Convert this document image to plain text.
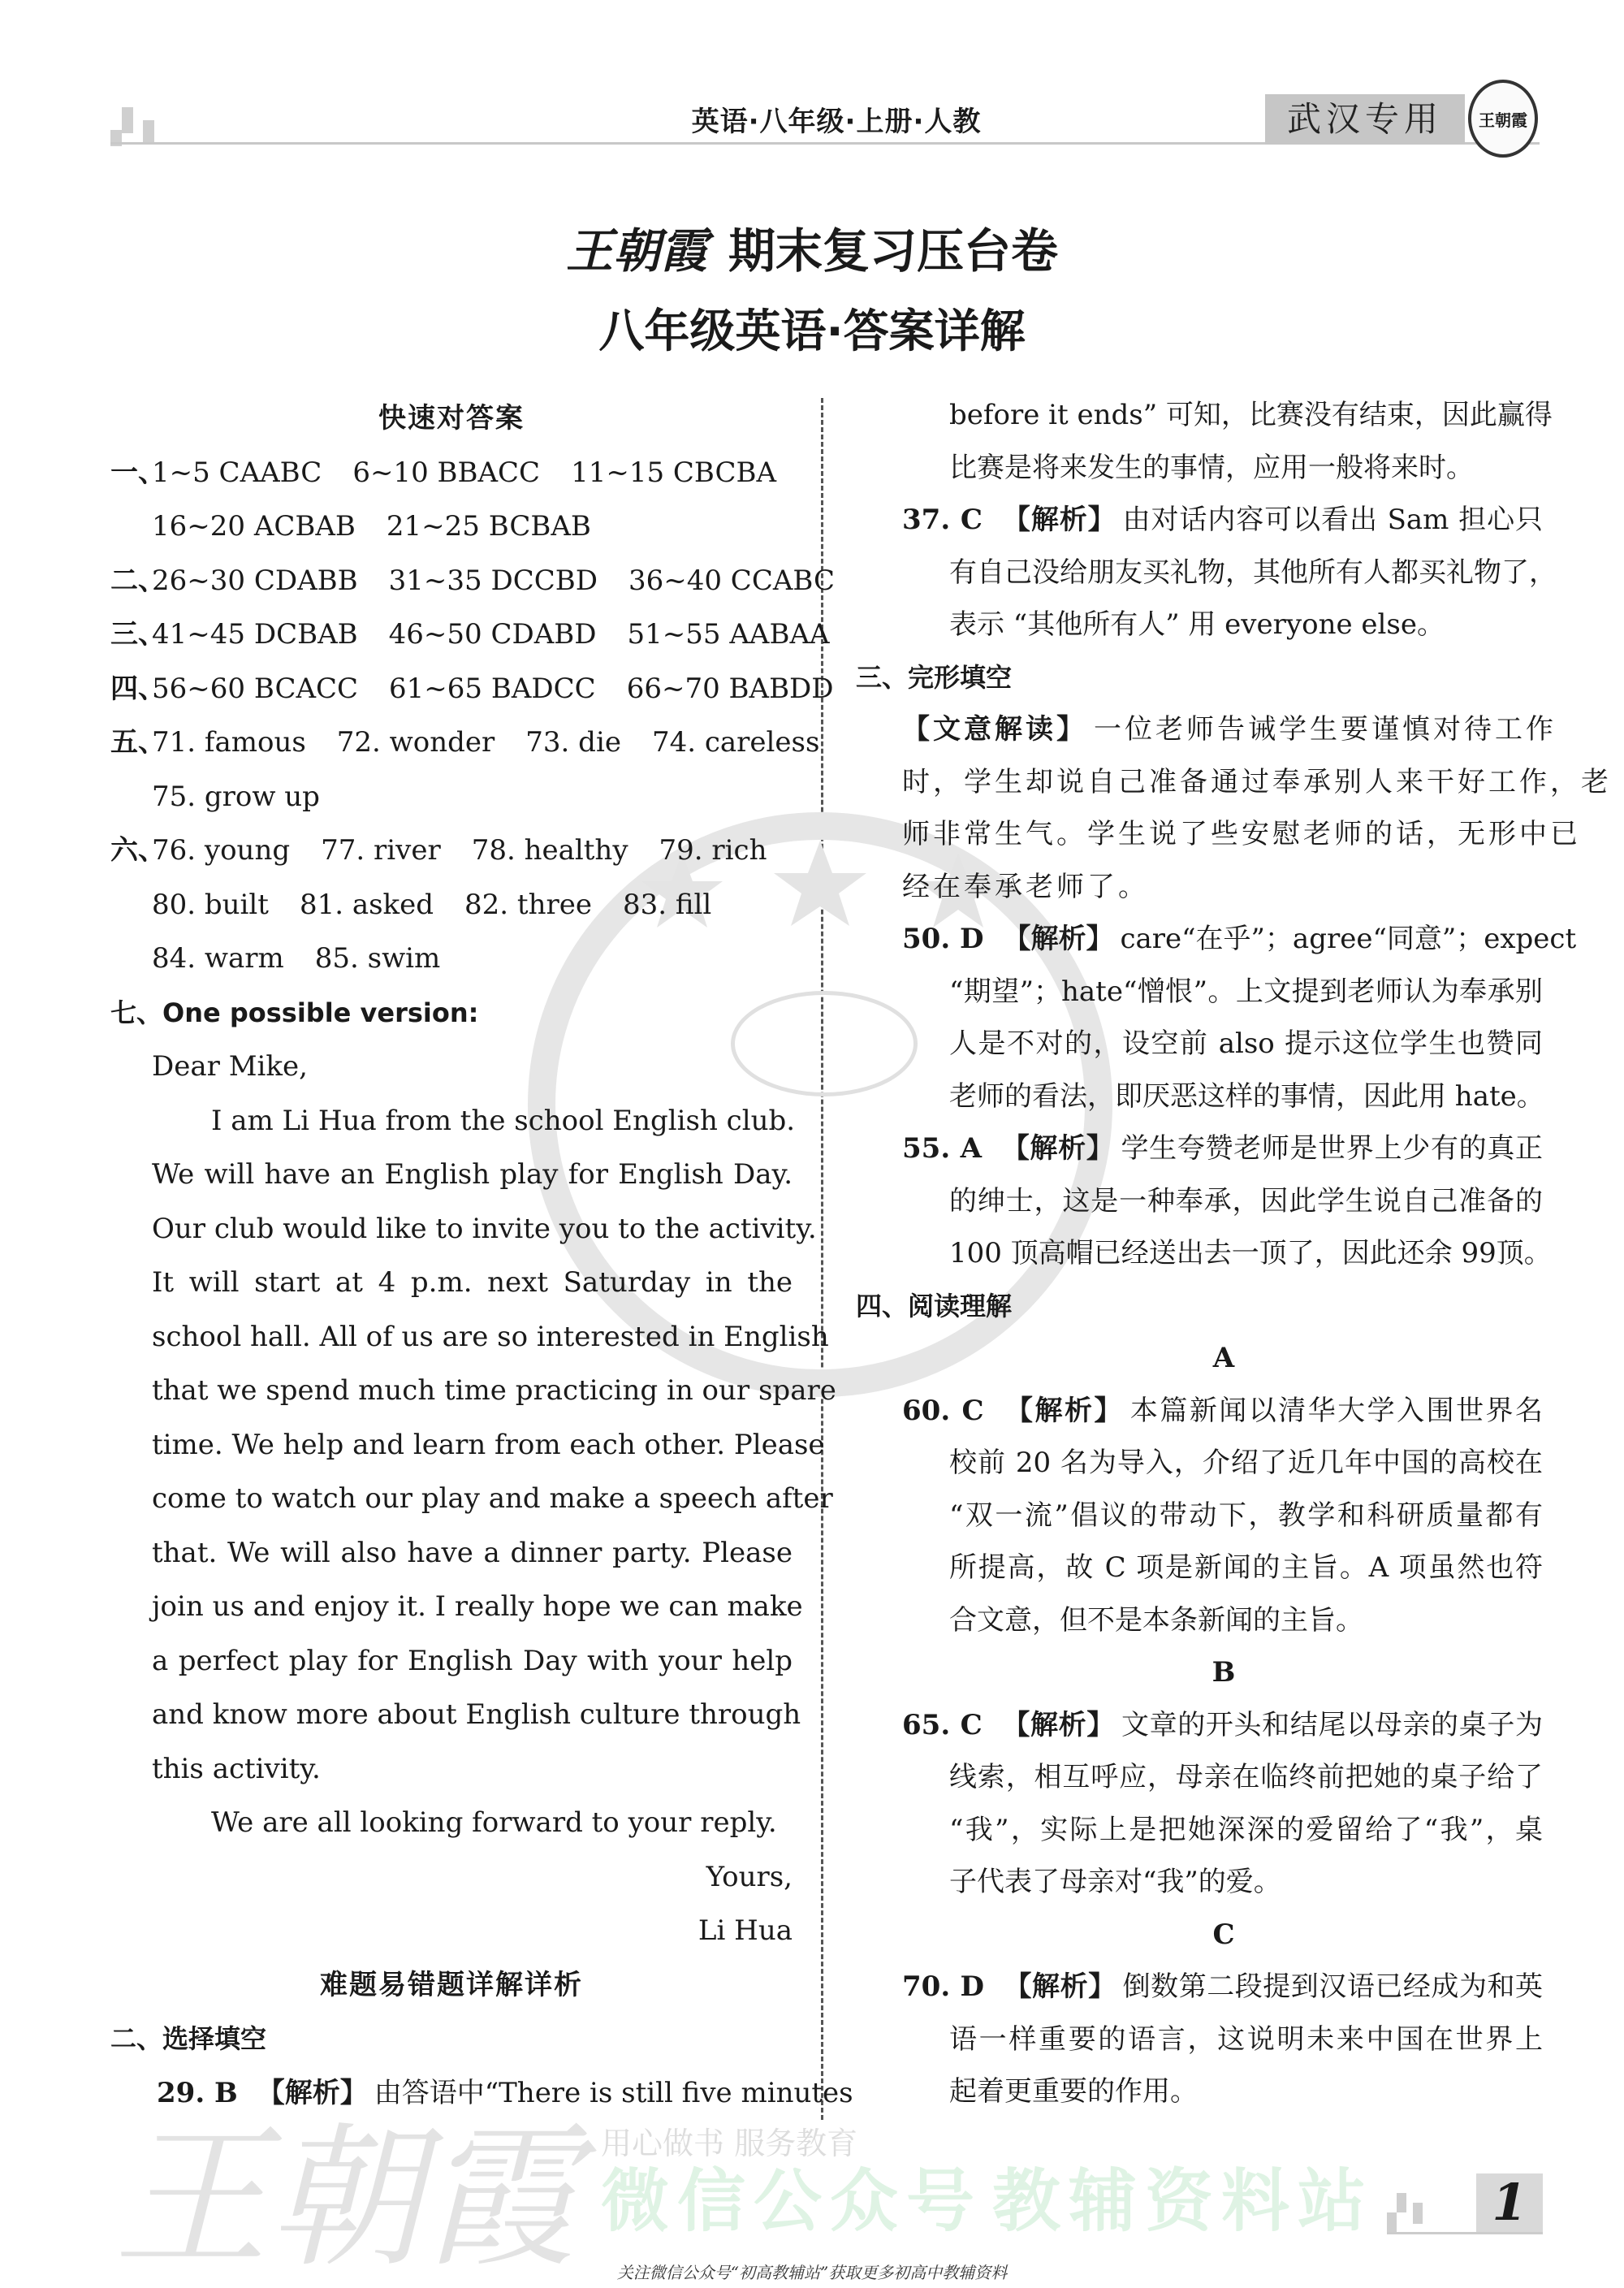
英语·八年级·上册·人教	武汉专用	王朝霞
王朝霞 期末复习压台卷
八年级英语·答案详解
王朝霞 用心做书 服务教育
微信公众号 教辅资料站
快速对答案
一、
1~5 CAABC 6~10 BBACC 11~15 CBCBA
16~20 ACBAB 21~25 BCBAB
二、
26~30 CDABB 31~35 DCCBD 36~40 CCABC
三、
41~45 DCBAB 46~50 CDABD 51~55 AABAA
四、
56~60 BCACC 61~65 BADCC 66~70 BABDD
五、
71. famous 72. wonder 73. die 74. careless
75. grow up
六、
76. young 77. river 78. healthy 79. rich
80. built 81. asked 82. three 83. fill
84. warm 85. swim
七、One possible version:
Dear Mike,
I am Li Hua from the school English club.
We will have an English play for English Day.
Our club would like to invite you to the activity.
It will start at 4 p.m. next Saturday in the
school hall. All of us are so interested in English
that we spend much time practicing in our spare
time. We help and learn from each other. Please
come to watch our play and make a speech after
that. We will also have a dinner party. Please
join us and enjoy it. I really hope we can make
a perfect play for English Day with your help
and know more about English culture through
this activity.
We are all looking forward to your reply.
Yours,
Li Hua
难题易错题详解详析
二、选择填空
29. B 【解析】 由答语中“There is still five minutes
before it ends” 可知，比赛没有结束，因此赢得
比赛是将来发生的事情，应用一般将来时。
37. C 【解析】 由对话内容可以看出 Sam 担心只
有自己没给朋友买礼物，其他所有人都买礼物了，
表示 “其他所有人” 用 everyone else。
三、完形填空
【文意解读】 一位老师告诫学生要谨慎对待工作
时，学生却说自己准备通过奉承别人来干好工作，老
师非常生气。学生说了些安慰老师的话，无形中已
经在奉承老师了。
50. D 【解析】 care“在乎”；agree“同意”；expect
“期望”；hate“憎恨”。上文提到老师认为奉承别
人是不对的，设空前 also 提示这位学生也赞同
老师的看法，即厌恶这样的事情，因此用 hate。
55. A 【解析】 学生夸赞老师是世界上少有的真正
的绅士，这是一种奉承，因此学生说自己准备的
100 顶高帽已经送出去一顶了，因此还余 99顶。
四、阅读理解
A
60. C 【解析】 本篇新闻以清华大学入围世界名
校前 20 名为导入，介绍了近几年中国的高校在
“双一流”倡议的带动下，教学和科研质量都有
所提高，故 C 项是新闻的主旨。A 项虽然也符
合文意，但不是本条新闻的主旨。
B
65. C 【解析】 文章的开头和结尾以母亲的桌子为
线索，相互呼应，母亲在临终前把她的桌子给了
“我”，实际上是把她深深的爱留给了“我”，桌
子代表了母亲对“我”的爱。
C
70. D 【解析】 倒数第二段提到汉语已经成为和英
语一样重要的语言，这说明未来中国在世界上
起着更重要的作用。
1
关注微信公众号“初高教辅站”获取更多初高中教辅资料
